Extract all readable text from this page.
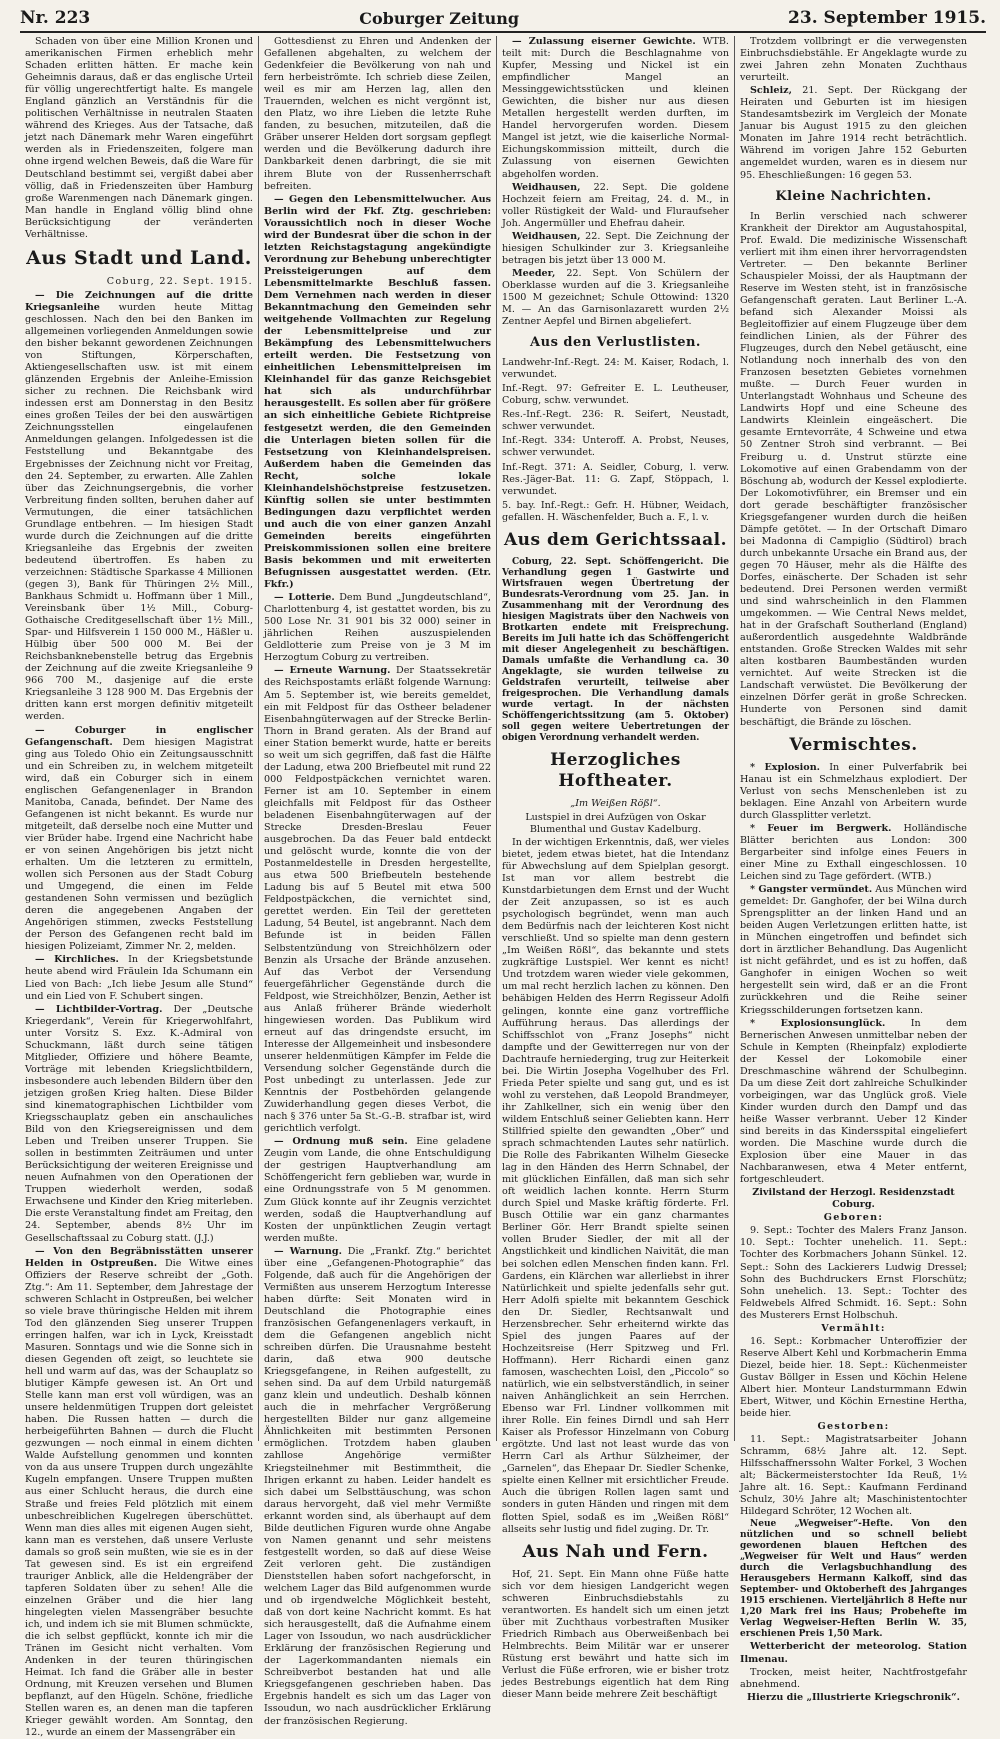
Nr. 223	Coburger Zeitung	23. September 1915.

Schaden von über eine Million Kronen und amerikanischen Firmen erheblich mehr Schaden erlitten hätten. Er mache kein Geheimnis daraus, daß er das englische Urteil für völlig ungerechtfertigt halte. Es mangele England gänzlich an Verständnis für die politischen Verhältnisse in neutralen Staaten während des Krieges. Aus der Tatsache, daß jetzt nach Dänemark mehr Waren eingeführt werden als in Friedenszeiten, folgere man ohne irgend welchen Beweis, daß die Ware für Deutschland bestimmt sei, vergißt dabei aber völlig, daß in Friedenszeiten über Hamburg große Warenmengen nach Dänemark gingen. Man handle in England völlig blind ohne Berücksichtigung der veränderten Verhältnisse.

Aus Stadt und Land.
Coburg, 22. Sept. 1915.

— Die Zeichnungen auf die dritte Kriegsanleihe wurden heute Mittag geschlossen. Nach den bei den Banken im allgemeinen vorliegenden Anmeldungen sowie den bisher bekannt gewordenen Zeichnungen von Stiftungen, Körperschaften, Aktiengesellschaften usw. ist mit einem glänzenden Ergebnis der Anleihe-Emission sicher zu rechnen. Die Reichsbank wird indessen erst am Donnerstag in den Besitz eines großen Teiles der bei den auswärtigen Zeichnungsstellen eingelaufenen Anmeldungen gelangen. Infolgedessen ist die Feststellung und Bekanntgabe des Ergebnisses der Zeichnung nicht vor Freitag, den 24. September, zu erwarten. Alle Zahlen über das Zeichnungsergebnis, die vorher Verbreitung finden sollten, beruhen daher auf Vermutungen, die einer tatsächlichen Grundlage entbehren. — Im hiesigen Stadt wurde durch die Zeichnungen auf die dritte Kriegsanleihe das Ergebnis der zweiten bedeutend übertroffen. Es haben zu verzeichnen: Städtische Sparkasse 4 Millionen (gegen 3), Bank für Thüringen 2½ Mill., Bankhaus Schmidt u. Hoffmann über 1 Mill., Vereinsbank über 1½ Mill., Coburg-Gothaische Creditgesellschaft über 1½ Mill., Spar- und Hilfsverein 1 150 000 M., Häßler u. Hülbig über 500 000 M. Bei der Reichsbanknebenstelle betrug das Ergebnis der Zeichnung auf die zweite Kriegsanleihe 9 966 700 M., dasjenige auf die erste Kriegsanleihe 3 128 900 M. Das Ergebnis der dritten kann erst morgen definitiv mitgeteilt werden.

— Coburger in englischer Gefangenschaft. Dem hiesigen Magistrat ging aus Toledo Ohio ein Zeitungsausschnitt und ein Schreiben zu, in welchem mitgeteilt wird, daß ein Coburger sich in einem englischen Gefangenenlager in Brandon Manitoba, Canada, befindet. Der Name des Gefangenen ist nicht bekannt. Es wurde nur mitgeteilt, daß derselbe noch eine Mutter und vier Brüder habe. Irgend eine Nachricht habe er von seinen Angehörigen bis jetzt nicht erhalten. Um die letzteren zu ermitteln, wollen sich Personen aus der Stadt Coburg und Umgegend, die einen im Felde gestandenen Sohn vermissen und bezüglich deren die angegebenen Angaben der Angehörigen stimmen, zwecks Feststellung der Person des Gefangenen recht bald im hiesigen Polizeiamt, Zimmer Nr. 2, melden.

— Kirchliches. In der Kriegsbetstunde heute abend wird Fräulein Ida Schumann ein Lied von Bach: „Ich liebe Jesum alle Stund“ und ein Lied von F. Schubert singen.

— Lichtbilder-Vortrag. Der „Deutsche Kriegerdank“, Verein für Kriegerwohlfahrt, unter Vorsitz S. Exz. K.-Admiral von Schuckmann, läßt durch seine tätigen Mitglieder, Offiziere und höhere Beamte, Vorträge mit lebenden Kriegslichtbildern, insbesondere auch lebenden Bildern über den jetzigen großen Krieg halten. Diese Bilder sind kinematographischen Lichtbilder vom Kriegsschauplatz geben ein anschauliches Bild von den Kriegsereignissen und dem Leben und Treiben unserer Truppen. Sie sollen in bestimmten Zeiträumen und unter Berücksichtigung der weiteren Ereignisse und neuen Aufnahmen von den Operationen der Truppen wiederholt werden, sodaß Erwachsene und Kinder den Krieg miterleben. Die erste Veranstaltung findet am Freitag, den 24. September, abends 8½ Uhr im Gesellschaftssaal zu Coburg statt. (J.J.)

— Von den Begräbnisstätten unserer Helden in Ostpreußen. Die Witwe eines Offiziers der Reserve schreibt der „Goth. Ztg.“: Am 11. September, dem Jahrestage der schweren Schlacht in Ostpreußen, bei welcher so viele brave thüringische Helden mit ihrem Tod den glänzenden Sieg unserer Truppen erringen halfen, war ich in Lyck, Kreisstadt Masuren. Sonntags und wie die Sonne sich in diesen Gegenden oft zeigt, so leuchtete sie hell und warm auf das, was der Schauplatz so blutiger Kämpfe gewesen ist. An Ort und Stelle kann man erst voll würdigen, was an unsere heldenmütigen Truppen dort geleistet haben. Die Russen hatten — durch die herbeigeführten Bahnen — durch die Flucht gezwungen — noch einmal in einem dichten Walde Aufstellung genommen und konnten von da aus unsere Truppen durch ungezählte Kugeln empfangen. Unsere Truppen mußten aus einer Schlucht heraus, die durch eine Straße und freies Feld plötzlich mit einem unbeschreiblichen Kugelregen überschüttet. Wenn man dies alles mit eigenen Augen sieht, kann man es verstehen, daß unsere Verluste damals so groß sein mußten, wie sie es in der Tat gewesen sind. Es ist ein ergreifend trauriger Anblick, alle die Heldengräber der tapferen Soldaten über zu sehen! Alle die einzelnen Gräber und die hier lang hingelegten vielen Massengräber besuchte ich, und indem ich sie mit Blumen schmückte, die ich selbst gepflückt, konnte ich mir die Tränen im Gesicht nicht verhalten. Vom Andenken in der teuren thüringischen Heimat. Ich fand die Gräber alle in bester Ordnung, mit Kreuzen versehen und Blumen bepflanzt, auf den Hügeln. Schöne, friedliche Stellen waren es, an denen man die tapferen Krieger gewählt worden. Am Sonntag, den 12., wurde an einem der Massengräber ein

Gottesdienst zu Ehren und Andenken der Gefallenen abgehalten, zu welchem der Gedenkfeier die Bevölkerung von nah und fern herbeiströmte. Ich schrieb diese Zeilen, weil es mir am Herzen lag, allen den Trauernden, welchen es nicht vergönnt ist, den Platz, wo ihre Lieben die letzte Ruhe fanden, zu besuchen, mitzuteilen, daß die Gräber unserer Helden dort sorgsam gepflegt werden und die Bevölkerung dadurch ihre Dankbarkeit denen darbringt, die sie mit ihrem Blute von der Russenherrschaft befreiten.

— Gegen den Lebensmittelwucher. Aus Berlin wird der Fkf. Ztg. geschrieben: Voraussichtlich noch in dieser Woche wird der Bundesrat über die schon in der letzten Reichstagstagung angekündigte Verordnung zur Behebung unberechtigter Preissteigerungen auf dem Lebensmittelmarkte Beschluß fassen. Dem Vernehmen nach werden in dieser Bekanntmachung den Gemeinden sehr weitgehende Vollmachten zur Regelung der Lebensmittelpreise und zur Bekämpfung des Lebensmittelwuchers erteilt werden. Die Festsetzung von einheitlichen Lebensmittelpreisen im Kleinhandel für das ganze Reichsgebiet hat sich als undurchführbar herausgestellt. Es sollen aber für größere an sich einheitliche Gebiete Richtpreise festgesetzt werden, die den Gemeinden die Unterlagen bieten sollen für die Festsetzung von Kleinhandelspreisen. Außerdem haben die Gemeinden das Recht, solche lokale Kleinhandelshöchstpreise festzusetzen. Künftig sollen sie unter bestimmten Bedingungen dazu verpflichtet werden und auch die von einer ganzen Anzahl Gemeinden bereits eingeführten Preiskommissionen sollen eine breitere Basis bekommen und mit erweiterten Befugnissen ausgestattet werden. (Etr. Fkfr.)

— Lotterie. Dem Bund „Jungdeutschland“, Charlottenburg 4, ist gestattet worden, bis zu 500 Lose Nr. 31 901 bis 32 000) seiner in jährlichen Reihen auszuspielenden Geldlotterie zum Preise von je 3 M im Herzogtum Coburg zu vertreiben.

— Erneute Warnung. Der Staatssekretär des Reichspostamts erläßt folgende Warnung: Am 5. September ist, wie bereits gemeldet, ein mit Feldpost für das Ostheer beladener Eisenbahngüterwagen auf der Strecke Berlin-Thorn in Brand geraten. Als der Brand auf einer Station bemerkt wurde, hatte er bereits so weit um sich gegriffen, daß fast die Hälfte der Ladung, etwa 200 Briefbeutel mit rund 22 000 Feldpostpäckchen vernichtet waren. Ferner ist am 10. September in einem gleichfalls mit Feldpost für das Ostheer beladenen Eisenbahngüterwagen auf der Strecke Dresden-Breslau Feuer ausgebrochen. Da das Feuer bald entdeckt und gelöscht wurde, konnte die von der Postanmeldestelle in Dresden hergestellte, aus etwa 500 Briefbeuteln bestehende Ladung bis auf 5 Beutel mit etwa 500 Feldpostpäckchen, die vernichtet sind, gerettet werden. Ein Teil der geretteten Ladung, 54 Beutel, ist angebrannt. Nach dem Befunde ist in beiden Fällen Selbstentzündung von Streichhölzern oder Benzin als Ursache der Brände anzusehen. Auf das Verbot der Versendung feuergefährlicher Gegenstände durch die Feldpost, wie Streichhölzer, Benzin, Aether ist aus Anlaß früherer Brände wiederholt hingewiesen worden. Das Publikum wird erneut auf das dringendste ersucht, im Interesse der Allgemeinheit und insbesondere unserer heldenmütigen Kämpfer im Felde die Versendung solcher Gegenstände durch die Post unbedingt zu unterlassen. Jede zur Kenntnis der Postbehörden gelangende Zuwiderhandlung gegen dieses Verbot, die nach § 376 unter 5a St.-G.-B. strafbar ist, wird gerichtlich verfolgt.

— Ordnung muß sein. Eine geladene Zeugin vom Lande, die ohne Entschuldigung der gestrigen Hauptverhandlung am Schöffengericht fern geblieben war, wurde in eine Ordnungsstrafe von 5 M genommen. Zum Glück konnte auf ihr Zeugnis verzichtet werden, sodaß die Hauptverhandlung auf Kosten der unpünktlichen Zeugin vertagt werden mußte.

— Warnung. Die „Frankf. Ztg.“ berichtet über eine „Gefangenen-Photographie“ das Folgende, daß auch für die Angehörigen der Vermißten aus unserem Herzogtum Interesse haben dürfte: Seit Monaten wird in Deutschland die Photographie eines französischen Gefangenenlagers verkauft, in dem die Gefangenen angeblich nicht schreiben dürfen. Die Urausnahme besteht darin, daß etwa 900 deutsche Kriegsgefangene, in Reihen aufgestellt, zu sehen sind. Da auf dem Urbild naturgemäß ganz klein und undeutlich. Deshalb können auch die in mehrfacher Vergrößerung hergestellten Bilder nur ganz allgemeine Ähnlichkeiten mit bestimmten Personen ermöglichen. Trotzdem haben glauben zahllose Angehörige vermißter Kriegsteilnehmer mit Bestimmtheit, die Ihrigen erkannt zu haben. Leider handelt es sich dabei um Selbsttäuschung, was schon daraus hervorgeht, daß viel mehr Vermißte erkannt worden sind, als überhaupt auf dem Bilde deutlichen Figuren wurde ohne Angabe von Namen genannt und sehr meistens festgestellt worden, so daß auf diese Weise Zeit verloren geht. Die zuständigen Dienststellen haben sofort nachgeforscht, in welchem Lager das Bild aufgenommen wurde und ob irgendwelche Möglichkeit besteht, daß von dort keine Nachricht kommt. Es hat sich herausgestellt, daß die Aufnahme einem Lager von Issoudun, wo nach ausdrücklicher Erklärung der französischen Regierung und der Lagerkommandanten niemals ein Schreibverbot bestanden hat und alle Kriegsgefangenen geschrieben haben. Das Ergebnis handelt es sich um das Lager von Issoudun, wo nach ausdrücklicher Erklärung der französischen Regierung.

— Zulassung eiserner Gewichte. WTB. teilt mit: Durch die Beschlagnahme von Kupfer, Messing und Nickel ist ein empfindlicher Mangel an Messinggewichtsstücken und kleinen Gewichten, die bisher nur aus diesen Metallen hergestellt werden durften, im Handel hervorgerufen worden. Diesem Mangel ist jetzt, wie die kaiserliche Normal-Eichungskommission mitteilt, durch die Zulassung von eisernen Gewichten abgeholfen worden.

Weidhausen, 22. Sept. Die goldene Hochzeit feiern am Freitag, 24. d. M., in voller Rüstigkeit der Wald- und Fluraufseher Joh. Angermüller und Ehefrau daheir.

Weidhausen, 22. Sept. Die Zeichnung der hiesigen Schulkinder zur 3. Kriegsanleihe betragen bis jetzt über 13 000 M.

Meeder, 22. Sept. Von Schülern der Oberklasse wurden auf die 3. Kriegsanleihe 1500 M gezeichnet; Schule Ottowind: 1320 M. — An das Garnisonlazarett wurden 2½ Zentner Aepfel und Birnen abgeliefert.

Aus den Verlustlisten.

Landwehr-Inf.-Regt. 24: M. Kaiser, Rodach, l. verwundet.

Inf.-Regt. 97: Gefreiter E. L. Leutheuser, Coburg, schw. verwundet.

Res.-Inf.-Regt. 236: R. Seifert, Neustadt, schwer verwundet.

Inf.-Regt. 334: Unteroff. A. Probst, Neuses, schwer verwundet.

Inf.-Regt. 371: A. Seidler, Coburg, l. verw. Res.-Jäger-Bat. 11: G. Zapf, Stöppach, l. verwundet.

5. bay. Inf.-Regt.: Gefr. H. Hübner, Weidach, gefallen. H. Wäschenfelder, Buch a. F., l. v.

Aus dem Gerichtssaal.

Coburg, 22. Sept. Schöffengericht. Die Verhandlung gegen 1 Gastwirte und Wirtsfrauen wegen Übertretung der Bundesrats-Verordnung vom 25. Jan. in Zusammenhang mit der Verordnung des hiesigen Magistrats über den Nachweis von Brotkarten endete mit Freisprechung. Bereits im Juli hatte ich das Schöffengericht mit dieser Angelegenheit zu beschäftigen. Damals umfaßte die Verhandlung ca. 30 Angeklagte, sie wurden teilweise zu Geldstrafen verurteilt, teilweise aber freigesprochen. Die Verhandlung damals wurde vertagt. In der nächsten Schöffengerichtssitzung (am 5. Oktober) soll gegen weitere Uebertretungen der obigen Verordnung verhandelt werden.

Herzogliches Hoftheater.
„Im Weißen Rößl“.

Lustspiel in drei Aufzügen von Oskar Blumenthal und Gustav Kadelburg.

In der wichtigen Erkenntnis, daß, wer vieles bietet, jedem etwas bietet, hat die Intendanz für Abwechslung auf dem Spielplan gesorgt. Ist man vor allem bestrebt die Kunstdarbietungen dem Ernst und der Wucht der Zeit anzupassen, so ist es auch psychologisch begründet, wenn man auch dem Bedürfnis nach der leichteren Kost nicht verschließt. Und so spielte man denn gestern „Im Weißen Rößl“, das bekannte und stets zugkräftige Lustspiel. Wer kennt es nicht! Und trotzdem waren wieder viele gekommen, um mal recht herzlich lachen zu können. Den behäbigen Helden des Herrn Regisseur Adolfi gelingen, konnte eine ganz vortreffliche Aufführung heraus. Das allerdings der Schiffsschlot von „Franz Josephs“ nicht dampfte und der Gewitterregen nur von der Dachtraufe herniederging, trug zur Heiterkeit bei. Die Wirtin Josepha Vogelhuber des Frl. Frieda Peter spielte und sang gut, und es ist wohl zu verstehen, daß Leopold Brandmeyer, ihr Zahlkellner, sich ein wenig über den wildem Entschluß seiner Geliebten kann. Herr Stillfried spielte den gewandten „Ober“ und sprach schmachtenden Lautes sehr natürlich. Die Rolle des Fabrikanten Wilhelm Giesecke lag in den Händen des Herrn Schnabel, der mit glücklichen Einfällen, daß man sich sehr oft weidlich lachen konnte. Herrn Sturm durch Spiel und Maske kräftig förderte. Frl. Busch Ottilie war ein ganz charmantes Berliner Gör. Herr Brandt spielte seinen vollen Bruder Siedler, der mit all der Angstlichkeit und kindlichen Naivität, die man bei solchen edlen Menschen finden kann. Frl. Gardens, ein Klärchen war allerliebst in ihrer Natürlichkeit und spielte jedenfalls sehr gut. Herr Adolfi spielte mit bekanntem Geschick den Dr. Siedler, Rechtsanwalt und Herzensbrecher. Sehr erheiternd wirkte das Spiel des jungen Paares auf der Hochzeitsreise (Herr Spitzweg und Frl. Hoffmann). Herr Richardi einen ganz famosen, waschechten Loisl, den „Piccolo“ so natürlich, wie ein selbstverständlich, in seiner naiven Anhänglichkeit an sein Herrchen. Ebenso war Frl. Lindner vollkommen mit ihrer Rolle. Ein feines Dirndl und sah Herr Kaiser als Professor Hinzelmann von Coburg ergötzte. Und last not least wurde das von Herrn Carl als Arthur Sülzheimer, der „Garnelen“, das Ehepaar Dr. Siedler Schenke, spielte einen Kellner mit ersichtlicher Freude. Auch die übrigen Rollen lagen samt und sonders in guten Händen und ringen mit dem flotten Spiel, sodaß es im „Weißen Rößl“ allseits sehr lustig und fidel zuging. Dr. Tr.

Aus Nah und Fern.

Hof, 21. Sept. Ein Mann ohne Füße hatte sich vor dem hiesigen Landgericht wegen schweren Einbruchsdiebstahls zu verantworten. Es handelt sich um einen jetzt über mit Zuchthaus vorbestraften Musiker Friedrich Rimbach aus Oberweißenbach bei Helmbrechts. Beim Militär war er unserer Rüstung erst bewährt und hatte sich im Verlust die Füße erfroren, wie er bisher trotz jedes Bestrebungs eigentlich hat dem Ring dieser Mann beide mehrere Zeit beschäftigt

Trotzdem vollbringt er die verwegensten Einbruchsdiebstähle. Er Angeklagte wurde zu zwei Jahren zehn Monaten Zuchthaus verurteilt.

Schleiz, 21. Sept. Der Rückgang der Heiraten und Geburten ist im hiesigen Standesamtsbezirk im Vergleich der Monate Januar bis August 1915 zu den gleichen Monaten im Jahre 1914 recht beträchtlich. Während im vorigen Jahre 152 Geburten angemeldet wurden, waren es in diesem nur 95. Eheschließungen: 16 gegen 53.

Kleine Nachrichten.

In Berlin verschied nach schwerer Krankheit der Direktor am Augustahospital, Prof. Ewald. Die medizinische Wissenschaft verliert mit ihm einen ihrer hervorragendsten Vertreter. — Den bekannte Berliner Schauspieler Moissi, der als Hauptmann der Reserve im Westen steht, ist in französische Gefangenschaft geraten. Laut Berliner L.-A. befand sich Alexander Moissi als Begleitoffizier auf einem Flugzeuge über dem feindlichen Linien, als der Führer des Flugzeuges, durch den Nebel getäuscht, eine Notlandung noch innerhalb des von den Franzosen besetzten Gebietes vornehmen mußte. — Durch Feuer wurden in Unterlangstadt Wohnhaus und Scheune des Landwirts Hopf und eine Scheune des Landwirts Kleinlein eingeäschert. Die gesamte Erntevorräte, 4 Schweine und etwa 50 Zentner Stroh sind verbrannt. — Bei Freiburg u. d. Unstrut stürzte eine Lokomotive auf einen Grabendamm von der Böschung ab, wodurch der Kessel explodierte. Der Lokomotivführer, ein Bremser und ein dort gerade beschäftigter französischer Kriegsgefangener wurden durch die heißen Dämpfe getötet. — In der Ortschaft Dimaro bei Madonna di Campiglio (Südtirol) brach durch unbekannte Ursache ein Brand aus, der gegen 70 Häuser, mehr als die Hälfte des Dorfes, einäscherte. Der Schaden ist sehr bedeutend. Drei Personen werden vermißt und sind wahrscheinlich in den Flammen umgekommen. — Wie Central News meldet, hat in der Grafschaft Southerland (England) außerordentlich ausgedehnte Waldbrände entstanden. Große Strecken Waldes mit sehr alten kostbaren Baumbeständen wurden vernichtet. Auf weite Strecken ist die Landschaft verwüstet. Die Bevölkerung der einzelnen Dörfer gerät in große Schrecken. Hunderte von Personen sind damit beschäftigt, die Brände zu löschen.

Vermischtes.

* Explosion. In einer Pulverfabrik bei Hanau ist ein Schmelzhaus explodiert. Der Verlust von sechs Menschenleben ist zu beklagen. Eine Anzahl von Arbeitern wurde durch Glassplitter verletzt.

* Feuer im Bergwerk. Holländische Blätter berichten aus London: 300 Bergarbeiter sind infolge eines Feuers in einer Mine zu Exthall eingeschlossen. 10 Leichen sind zu Tage gefördert. (WTB.)

* Gangster vermündet. Aus München wird gemeldet: Dr. Ganghofer, der bei Wilna durch Sprengsplitter an der linken Hand und an beiden Augen Verletzungen erlitten hatte, ist in München eingetroffen und befindet sich dort in ärztlicher Behandlung. Das Augenlicht ist nicht gefährdet, und es ist zu hoffen, daß Ganghofer in einigen Wochen so weit hergestellt sein wird, daß er an die Front zurückkehren und die Reihe seiner Kriegsschilderungen fortsetzen kann.

* Explosionsunglück.	In dem Bernerischen Anwesen unmittelbar neben der Schule in Kempten (Rheinpfalz) explodierte der Kessel der Lokomobile einer Dreschmaschine während der Schulbeginn. Da um diese Zeit dort zahlreiche Schulkinder vorbeigingen, war das Unglück groß. Viele Kinder wurden durch den Dampf und das heiße Wasser verbrannt. Ueber 12 Kinder sind bereits in das Kindersspital eingeliefert worden. Die Maschine wurde durch die Explosion über eine Mauer in das Nachbaranwesen, etwa 4 Meter entfernt, fortgeschleudert.

Zivilstand der Herzogl. Residenzstadt Coburg.

Geboren:

9. Sept.: Tochter des Malers Franz Janson. 10. Sept.: Tochter unehelich. 11. Sept.: Tochter des Korbmachers Johann Sünkel. 12. Sept.: Sohn des Lackierers Ludwig Dressel; Sohn des Buchdruckers Ernst Florschütz; Sohn unehelich. 13. Sept.: Tochter des Feldwebels Alfred Schmidt. 16. Sept.: Sohn des Musterers Ernst Holbschuh.

Vermählt:

16. Sept.: Korbmacher Unteroffizier der Reserve Albert Kehl und Korbmacherin Emma Diezel, beide hier. 18. Sept.: Küchenmeister Gustav Böllger in Essen und Köchin Helene Albert hier. Monteur Landsturmmann Edwin Ebert, Witwer, und Köchin Ernestine Hertha, beide hier.

Gestorben:

11. Sept.: Magistratsarbeiter Johann Schramm, 68½ Jahre alt. 12. Sept. Hilfsschaffnerssohn Walter Forkel, 3 Wochen alt; Bäckermeisterstochter Ida Reuß, 1½ Jahre alt. 16. Sept.: Kaufmann Ferdinand Schulz, 30½ Jahre alt; Maschinistentochter Hildegard Schröter, 12 Wochen alt.

Neue „Wegweiser“-Hefte. Von den nützlichen und so schnell beliebt gewordenen blauen Heftchen des „Wegweiser für Welt und Haus“ werden durch die Verlagsbuchhandlung des Herausgebers Hermann Kalkoff, sind das September- und Oktoberheft des Jahrganges 1915 erschienen. Vierteljährlich 8 Hefte nur 1,20 Mark frei ins Haus; Probehefte im Verlag Wegweiser-Heften Berlin W. 35, erschienen Preis 1,50 Mark.

Wetterbericht der meteorolog. Station Ilmenau.

Trocken, meist heiter, Nachtfrostgefahr abnehmend.

Hierzu die „Illustrierte Kriegschronik“.
